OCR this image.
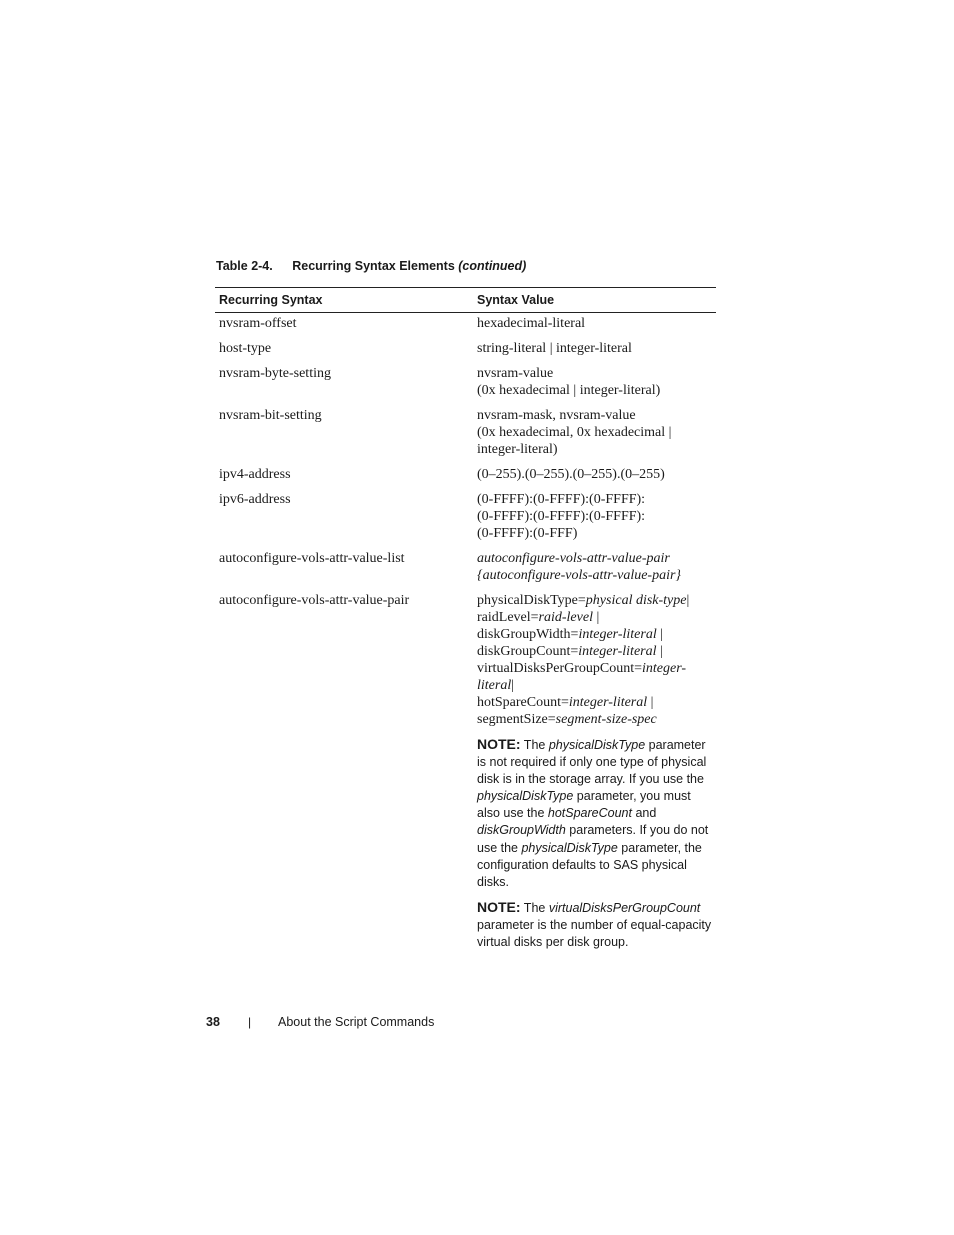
Table 2-4. Recurring Syntax Elements (continued)
Recurring Syntax	Syntax Value
nvsram-offset	hexadecimal-literal
host-type	string-literal | integer-literal
nvsram-byte-setting	nvsram-value
(0x hexadecimal | integer-literal)
nvsram-bit-setting	nvsram-mask, nvsram-value
(0x hexadecimal, 0x hexadecimal |
integer-literal)
ipv4-address	(0–255).(0–255).(0–255).(0–255)
ipv6-address	(0-FFFF):(0-FFFF):(0-FFFF):
(0-FFFF):(0-FFFF):(0-FFFF):
(0-FFFF):(0-FFF)
autoconfigure-vols-attr-value-list	autoconfigure-vols-attr-value-pair
{autoconfigure-vols-attr-value-pair}
autoconfigure-vols-attr-value-pair	physicalDiskType=physical disk-type|
raidLevel=raid-level |
diskGroupWidth=integer-literal |
diskGroupCount=integer-literal |
virtualDisksPerGroupCount=integer-
literal|
hotSpareCount=integer-literal |
segmentSize=segment-size-spec
NOTE: The physicalDiskType parameter is not required if only one type of physical disk is in the storage array. If you use the physicalDiskType parameter, you must also use the hotSpareCount and diskGroupWidth parameters. If you do not use the physicalDiskType parameter, the configuration defaults to SAS physical disks.
NOTE: The virtualDisksPerGroupCount parameter is the number of equal-capacity virtual disks per disk group.
38 | About the Script Commands
